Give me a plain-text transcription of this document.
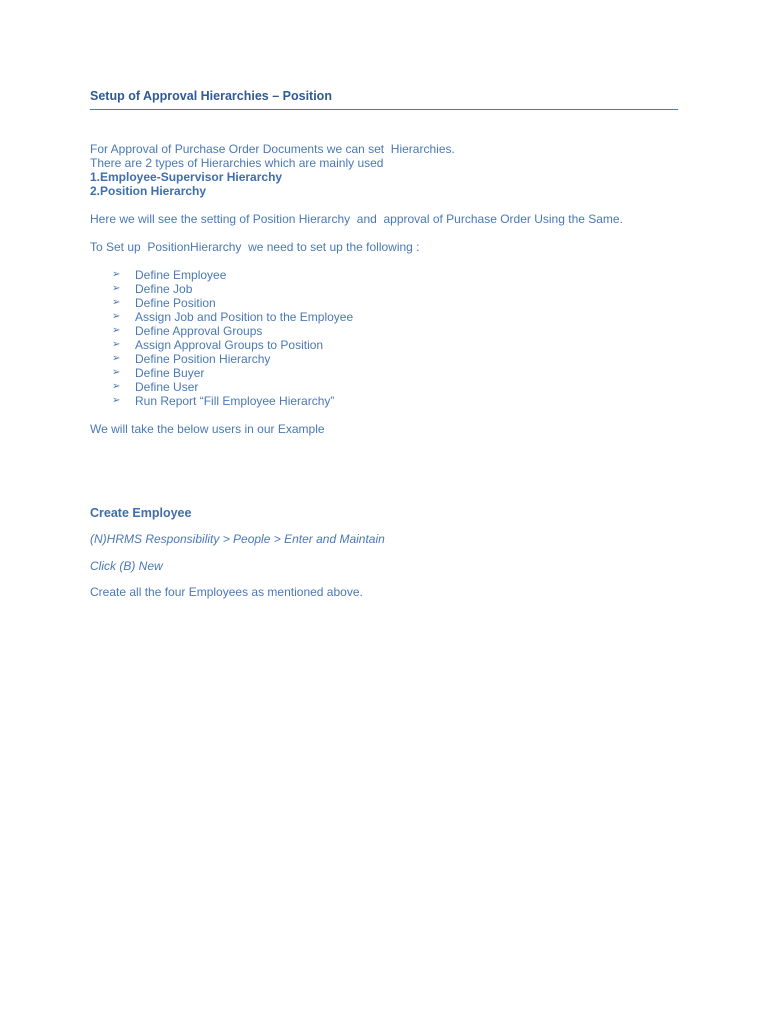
Setup of Approval Hierarchies – Position

For Approval of Purchase Order Documents we can set  Hierarchies.

There are 2 types of Hierarchies which are mainly used

1.Employee-Supervisor Hierarchy

2.Position Hierarchy

Here we will see the setting of Position Hierarchy  and  approval of Purchase Order Using the Same.

To Set up  PositionHierarchy  we need to set up the following :

➢ Define Employee
➢ Define Job
➢ Define Position
➢ Assign Job and Position to the Employee
➢ Define Approval Groups
➢ Assign Approval Groups to Position
➢ Define Position Hierarchy
➢ Define Buyer
➢ Define User
➢ Run Report “Fill Employee Hierarchy”

We will take the below users in our Example

Create Employee

(N)HRMS Responsibility > People > Enter and Maintain

Click (B) New

Create all the four Employees as mentioned above.
